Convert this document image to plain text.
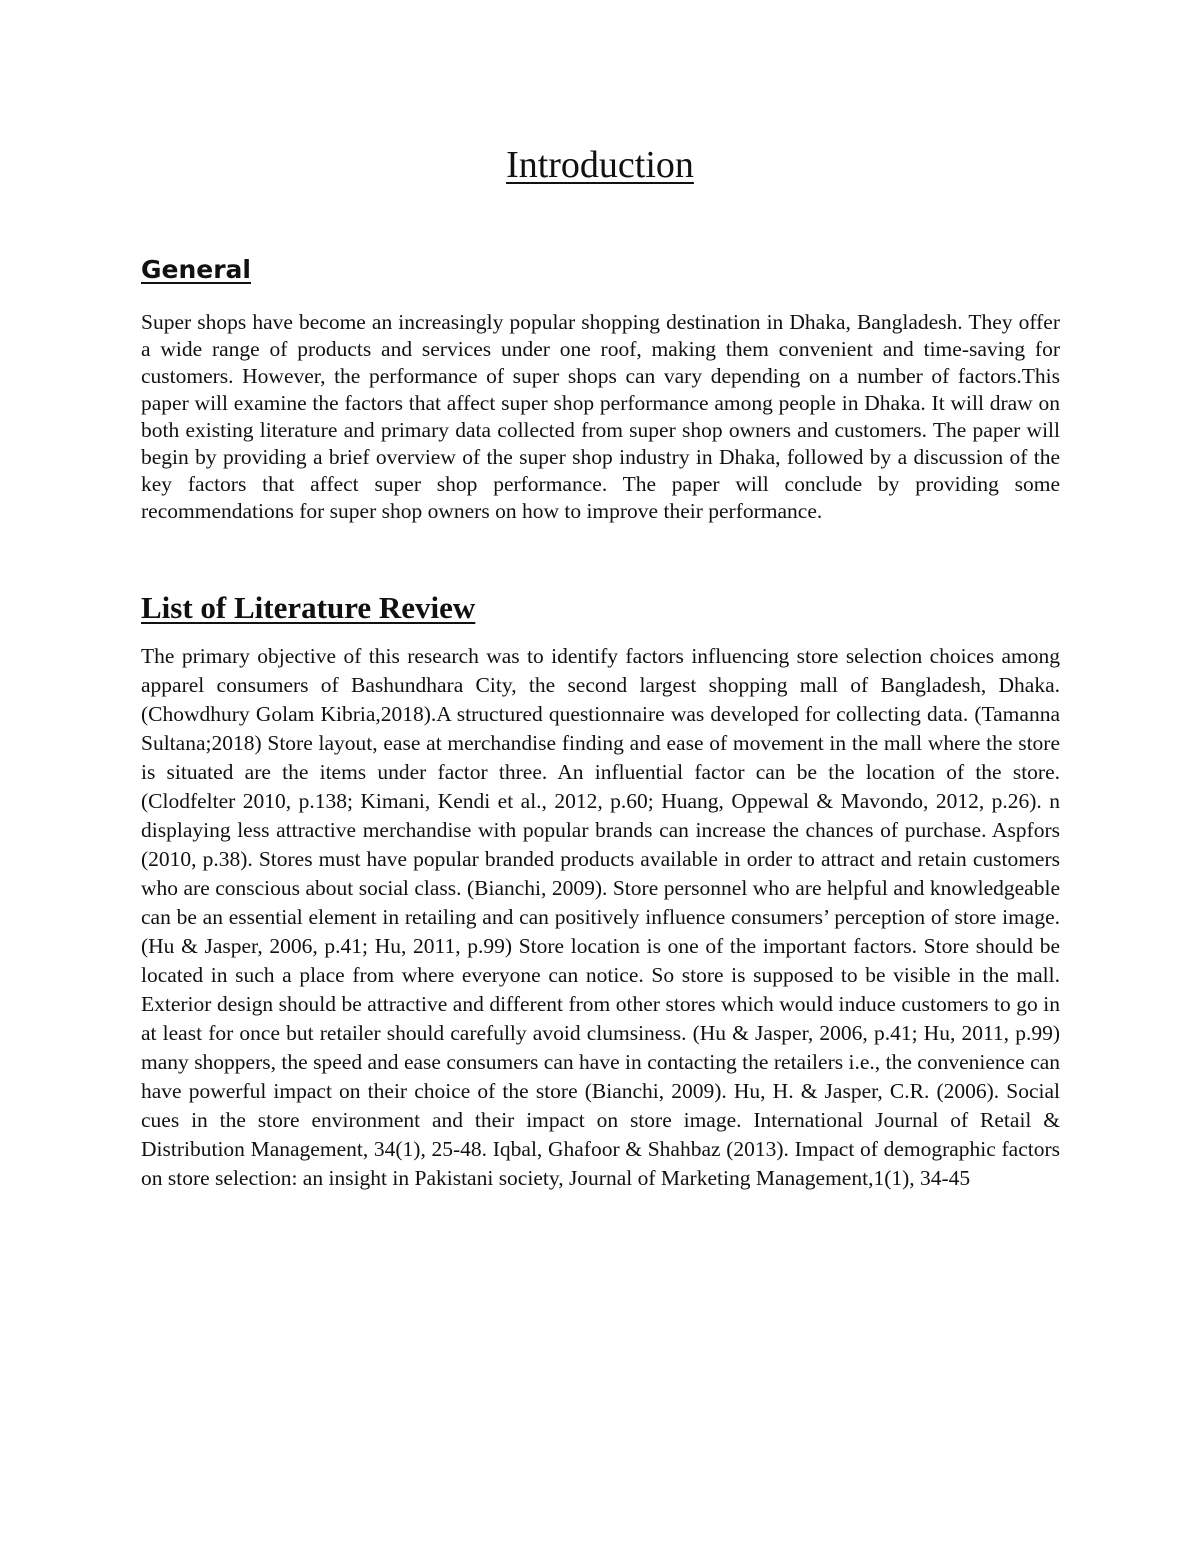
Introduction
General

Super shops have become an increasingly popular shopping destination in Dhaka, Bangladesh. They offer a wide range of products and services under one roof, making them convenient and time-saving for customers. However, the performance of super shops can vary depending on a number of factors.This paper will examine the factors that affect super shop performance among people in Dhaka. It will draw on both existing literature and primary data collected from super shop owners and customers. The paper will begin by providing a brief overview of the super shop industry in Dhaka, followed by a discussion of the key factors that affect super shop performance. The paper will conclude by providing some recommendations for super shop owners on how to improve their performance.

List of Literature Review

The primary objective of this research was to identify factors influencing store selection choices among apparel consumers of Bashundhara City, the second largest shopping mall of Bangladesh, Dhaka. (Chowdhury Golam Kibria,2018).A structured questionnaire was developed for collecting data. (Tamanna Sultana;2018) Store layout, ease at merchandise finding and ease of movement in the mall where the store is situated are the items under factor three. An influential factor can be the location of the store. (Clodfelter 2010, p.138; Kimani, Kendi et al., 2012, p.60; Huang, Oppewal & Mavondo, 2012, p.26). n displaying less attractive merchandise with popular brands can increase the chances of purchase. Aspfors (2010, p.38). Stores must have popular branded products available in order to attract and retain customers who are conscious about social class. (Bianchi, 2009). Store personnel who are helpful and knowledgeable can be an essential element in retailing and can positively influence consumers’ perception of store image. (Hu & Jasper, 2006, p.41; Hu, 2011, p.99) Store location is one of the important factors. Store should be located in such a place from where everyone can notice. So store is supposed to be visible in the mall. Exterior design should be attractive and different from other stores which would induce customers to go in at least for once but retailer should carefully avoid clumsiness. (Hu & Jasper, 2006, p.41; Hu, 2011, p.99) many shoppers, the speed and ease consumers can have in contacting the retailers i.e., the convenience can have powerful impact on their choice of the store (Bianchi, 2009). Hu, H. & Jasper, C.R. (2006). Social cues in the store environment and their impact on store image. International Journal of Retail & Distribution Management, 34(1), 25-48. Iqbal, Ghafoor & Shahbaz (2013). Impact of demographic factors on store selection: an insight in Pakistani society, Journal of Marketing Management,1(1), 34-45
